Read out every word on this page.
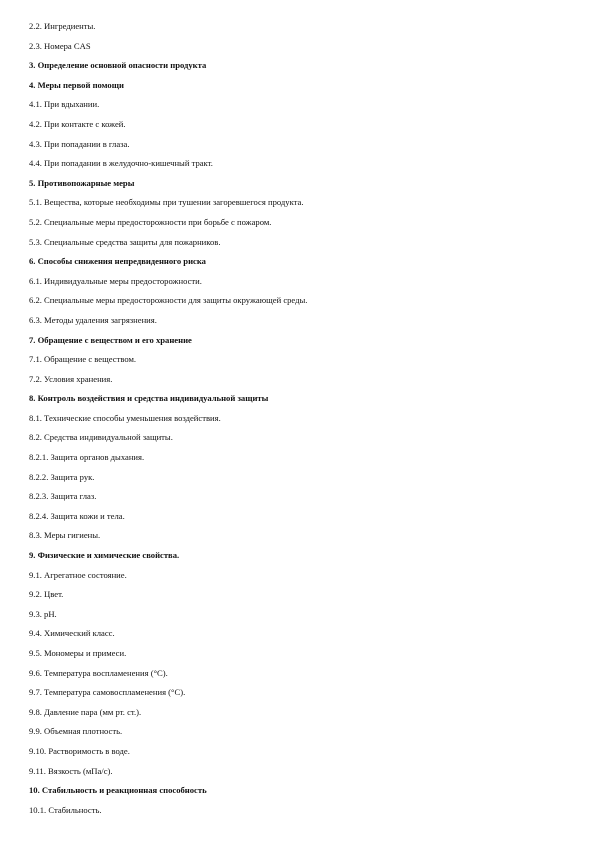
2.2. Ингредиенты.
2.3. Номера CAS
3. Определение основной опасности продукта
4. Меры первой помощи
4.1. При вдыхании.
4.2. При контакте с кожей.
4.3. При попадании в глаза.
4.4. При попадании в желудочно-кишечный тракт.
5. Противопожарные меры
5.1. Вещества, которые необходимы при тушении загоревшегося продукта.
5.2. Специальные меры предосторожности при борьбе с пожаром.
5.3. Специальные средства защиты для пожарников.
6. Способы снижения непредвиденного риска
6.1. Индивидуальные меры предосторожности.
6.2. Специальные меры предосторожности для защиты окружающей среды.
6.3. Методы удаления загрязнения.
7. Обращение с веществом и его хранение
7.1. Обращение с веществом.
7.2. Условия хранения.
8. Контроль воздействия и средства индивидуальной защиты
8.1. Технические способы уменьшения воздействия.
8.2. Средства индивидуальной защиты.
8.2.1. Защита органов дыхания.
8.2.2. Защита рук.
8.2.3. Защита глаз.
8.2.4. Защита кожи и тела.
8.3. Меры гигиены.
9. Физические и химические свойства.
9.1. Агрегатное состояние.
9.2. Цвет.
9.3. pH.
9.4. Химический класс.
9.5. Мономеры и примеси.
9.6. Температура воспламенения (°С).
9.7. Температура самовоспламенения (°С).
9.8. Давление пара (мм рт. ст.).
9.9. Объемная плотность.
9.10. Растворимость в воде.
9.11. Вязкость (мПа/с).
10. Стабильность и реакционная способность
10.1. Стабильность.
